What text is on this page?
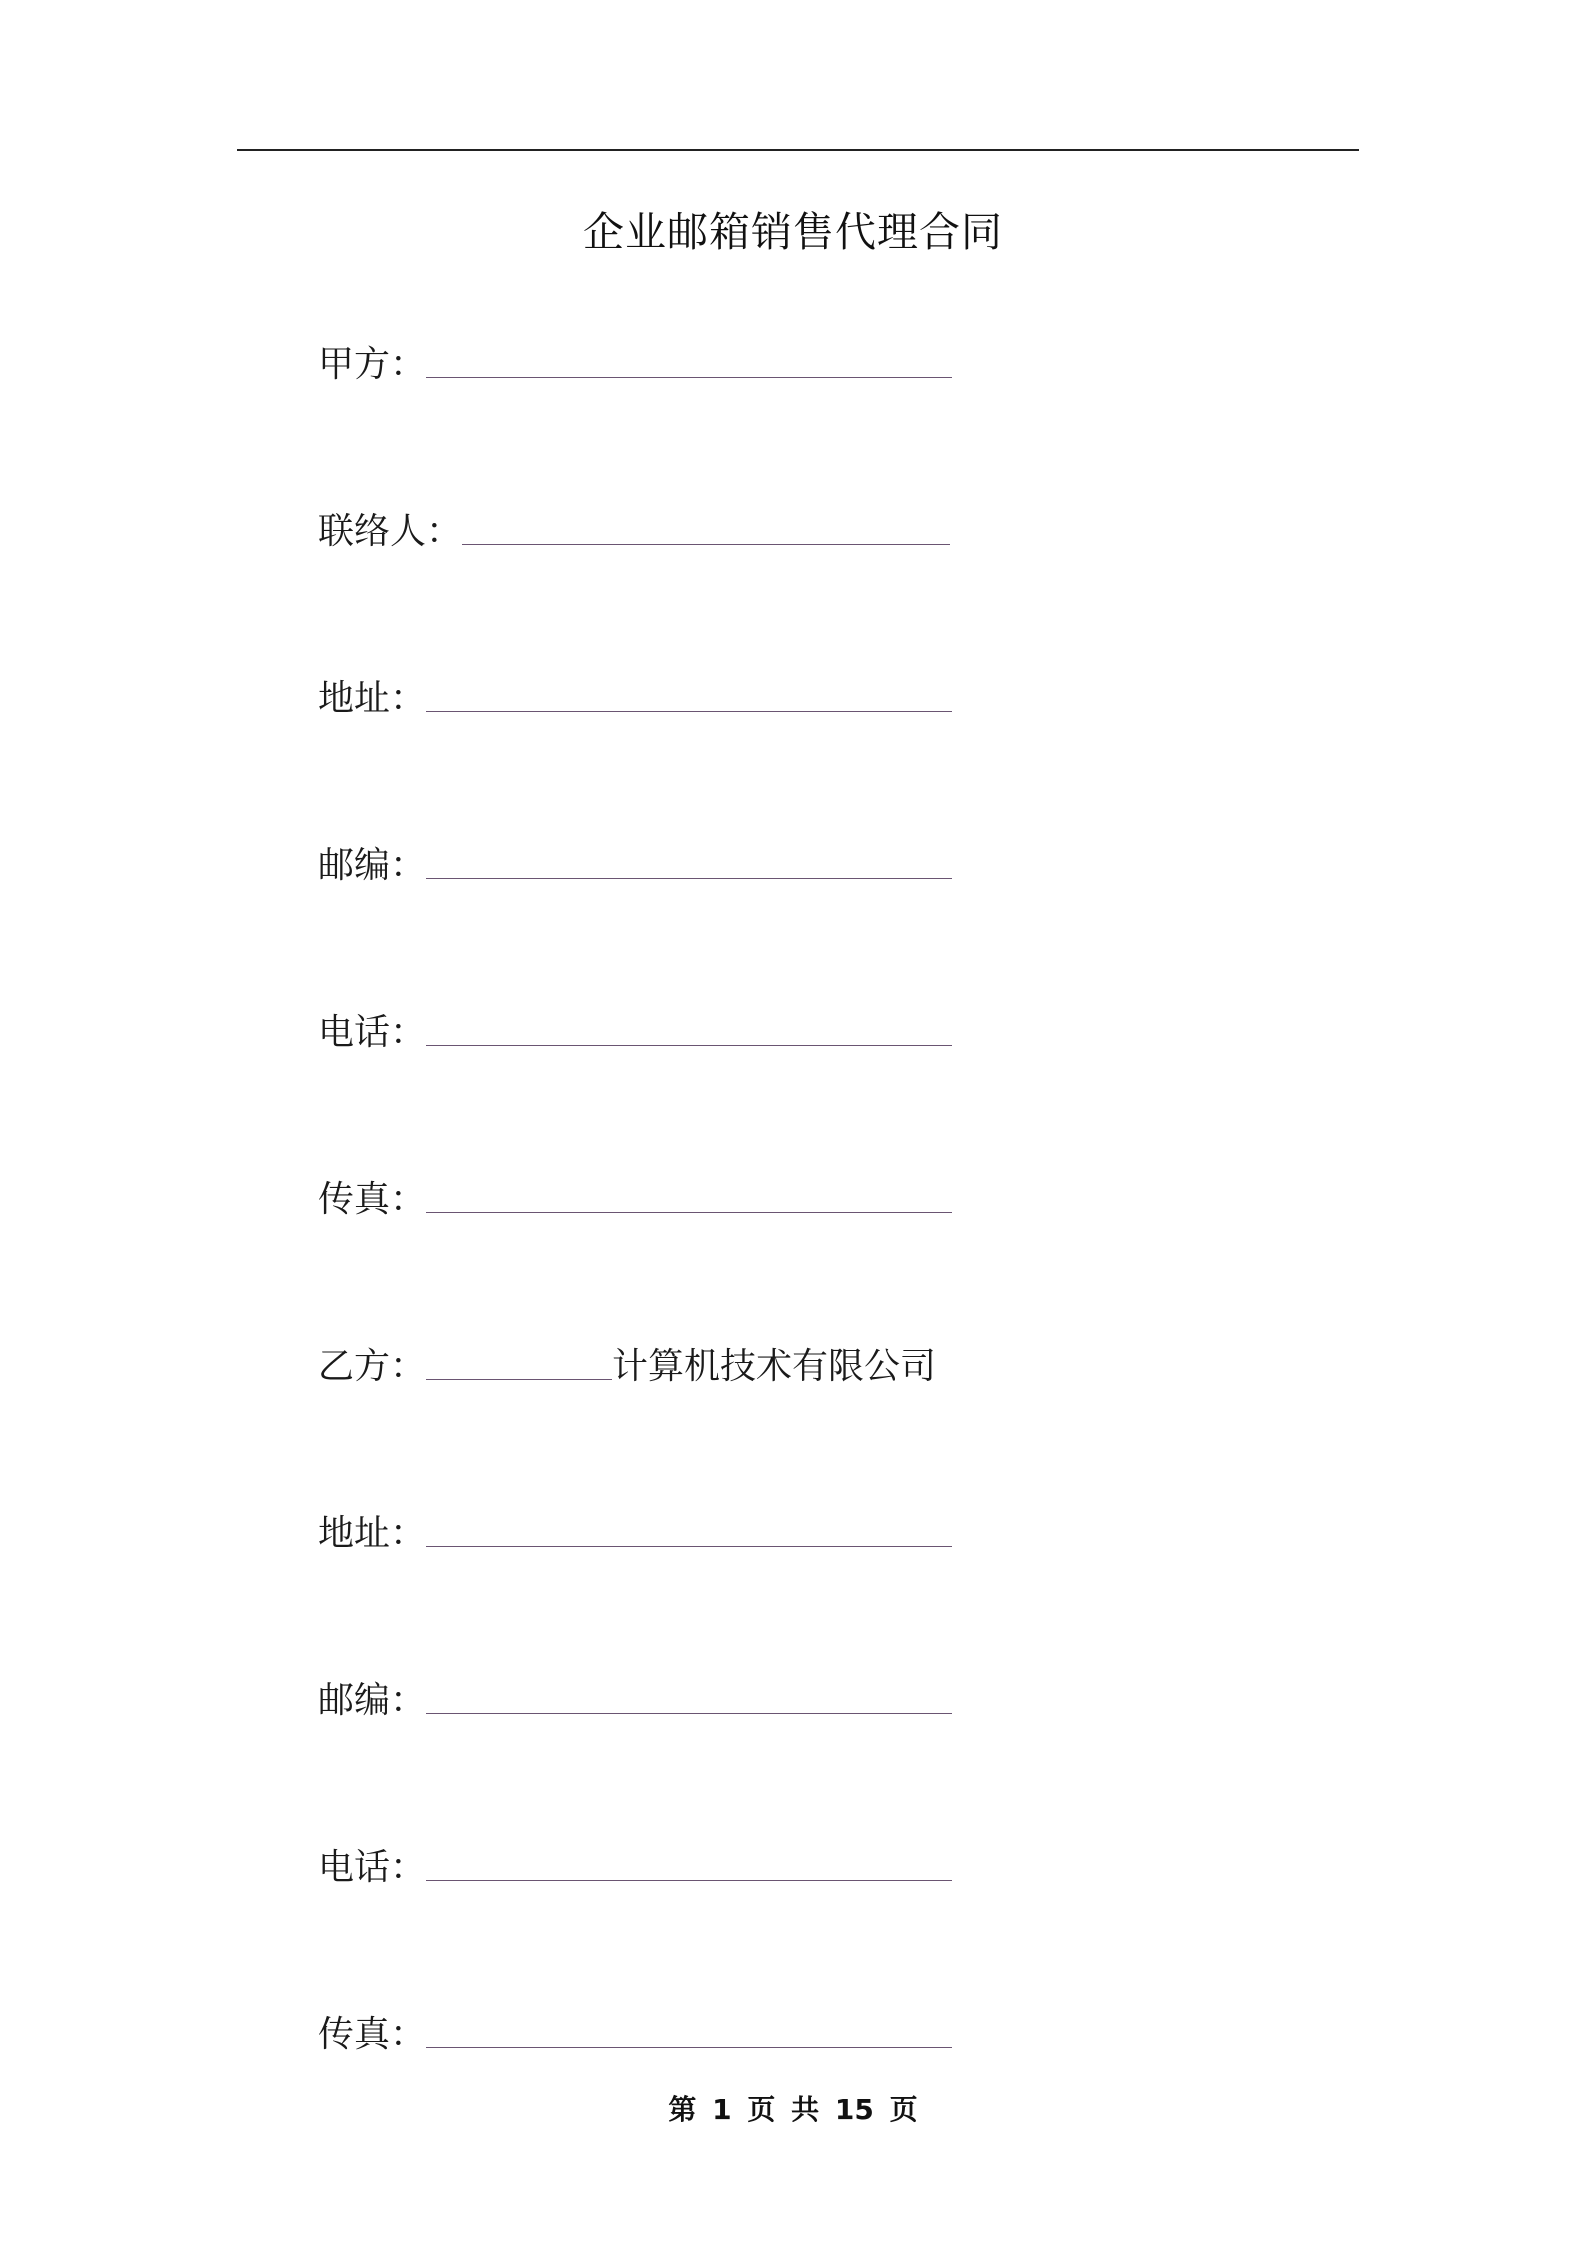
企业邮箱销售代理合同
甲方：
联络人：
地址：
邮编：
电话：
传真：
乙方：	计算机技术有限公司
地址：
邮编：
电话：
传真：
第 1 页 共 15 页
